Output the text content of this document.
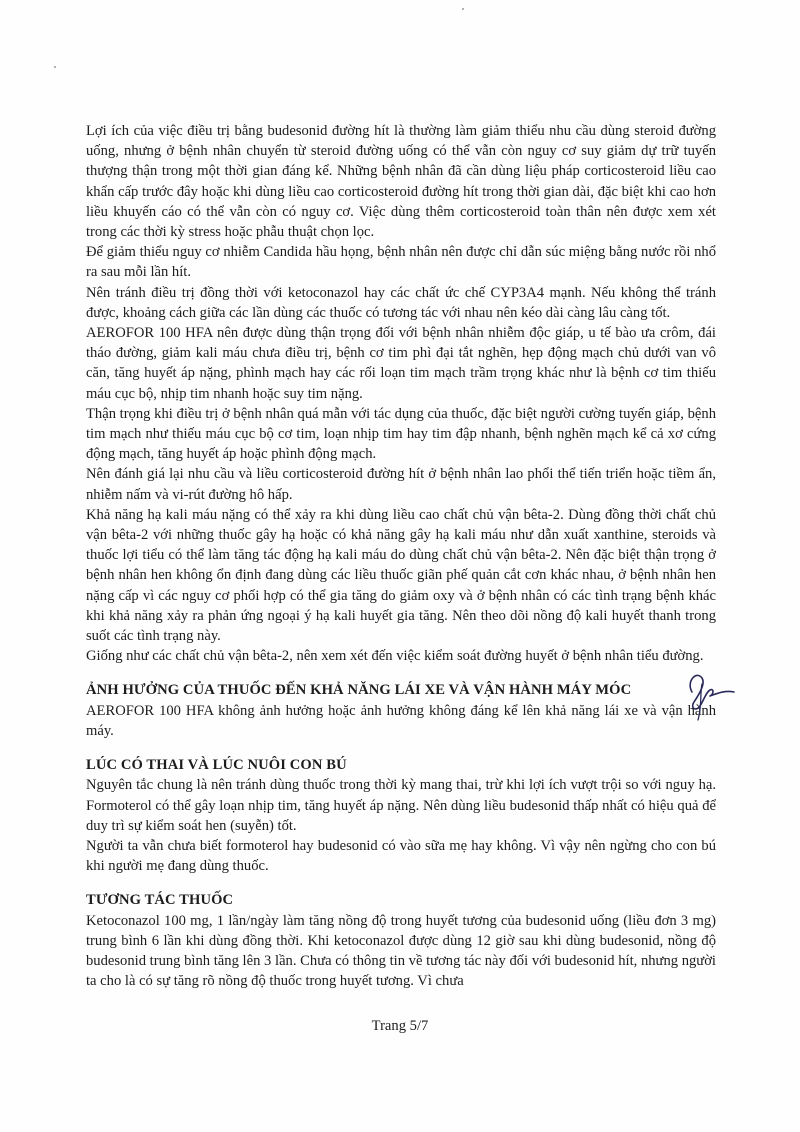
Lợi ích của việc điều trị bằng budesonid đường hít là thường làm giảm thiểu nhu cầu dùng steroid đường uống, nhưng ở bệnh nhân chuyển từ steroid đường uống có thể vẫn còn nguy cơ suy giảm dự trữ tuyến thượng thận trong một thời gian đáng kể. Những bệnh nhân đã cần dùng liệu pháp corticosteroid liều cao khẩn cấp trước đây hoặc khi dùng liều cao corticosteroid đường hít trong thời gian dài, đặc biệt khi cao hơn liều khuyến cáo có thể vẫn còn có nguy cơ. Việc dùng thêm corticosteroid toàn thân nên được xem xét trong các thời kỳ stress hoặc phẫu thuật chọn lọc.

Để giảm thiểu nguy cơ nhiễm Candida hầu họng, bệnh nhân nên được chỉ dẫn súc miệng bằng nước rồi nhổ ra sau mỗi lần hít.

Nên tránh điều trị đồng thời với ketoconazol hay các chất ức chế CYP3A4 mạnh. Nếu không thể tránh được, khoảng cách giữa các lần dùng các thuốc có tương tác với nhau nên kéo dài càng lâu càng tốt.

AEROFOR 100 HFA nên được dùng thận trọng đối với bệnh nhân nhiễm độc giáp, u tế bào ưa crôm, đái tháo đường, giảm kali máu chưa điều trị, bệnh cơ tim phì đại tắt nghẽn, hẹp động mạch chủ dưới van vô căn, tăng huyết áp nặng, phình mạch hay các rối loạn tim mạch trầm trọng khác như là bệnh cơ tim thiếu máu cục bộ, nhịp tim nhanh hoặc suy tim nặng.

Thận trọng khi điều trị ở bệnh nhân quá mẫn với tác dụng của thuốc, đặc biệt người cường tuyến giáp, bệnh tim mạch như thiếu máu cục bộ cơ tim, loạn nhịp tim hay tim đập nhanh, bệnh nghẽn mạch kể cả xơ cứng động mạch, tăng huyết áp hoặc phình động mạch.

Nên đánh giá lại nhu cầu và liều corticosteroid đường hít ở bệnh nhân lao phổi thể tiến triển hoặc tiềm ẩn, nhiễm nấm và vi-rút đường hô hấp.

Khả năng hạ kali máu nặng có thể xảy ra khi dùng liều cao chất chủ vận bêta-2. Dùng đồng thời chất chủ vận bêta-2 với những thuốc gây hạ hoặc có khả năng gây hạ kali máu như dẫn xuất xanthine, steroids và thuốc lợi tiểu có thể làm tăng tác động hạ kali máu do dùng chất chủ vận bêta-2. Nên đặc biệt thận trọng ở bệnh nhân hen không ổn định đang dùng các liều thuốc giãn phế quản cắt cơn khác nhau, ở bệnh nhân hen nặng cấp vì các nguy cơ phối hợp có thể gia tăng do giảm oxy và ở bệnh nhân có các tình trạng bệnh khác khi khả năng xảy ra phản ứng ngoại ý hạ kali huyết gia tăng. Nên theo dõi nồng độ kali huyết thanh trong suốt các tình trạng này.

Giống như các chất chủ vận bêta-2, nên xem xét đến việc kiểm soát đường huyết ở bệnh nhân tiểu đường.

ẢNH HƯỞNG CỦA THUỐC ĐẾN KHẢ NĂNG LÁI XE VÀ VẬN HÀNH MÁY MÓC

AEROFOR 100 HFA không ảnh hưởng hoặc ảnh hưởng không đáng kể lên khả năng lái xe và vận hành máy.

LÚC CÓ THAI VÀ LÚC NUÔI CON BÚ

Nguyên tắc chung là nên tránh dùng thuốc trong thời kỳ mang thai, trừ khi lợi ích vượt trội so với nguy hạ. Formoterol có thể gây loạn nhịp tim, tăng huyết áp nặng. Nên dùng liều budesonid thấp nhất có hiệu quả để duy trì sự kiểm soát hen (suyễn) tốt.

Người ta vẫn chưa biết formoterol hay budesonid có vào sữa mẹ hay không. Vì vậy nên ngừng cho con bú khi người mẹ đang dùng thuốc.

TƯƠNG TÁC THUỐC

Ketoconazol 100 mg, 1 lần/ngày làm tăng nồng độ trong huyết tương của budesonid uống (liều đơn 3 mg) trung bình 6 lần khi dùng đồng thời. Khi ketoconazol được dùng 12 giờ sau khi dùng budesonid, nồng độ budesonid trung bình tăng lên 3 lần. Chưa có thông tin về tương tác này đối với budesonid hít, nhưng người ta cho là có sự tăng rõ nồng độ thuốc trong huyết tương. Vì chưa

Trang 5/7
